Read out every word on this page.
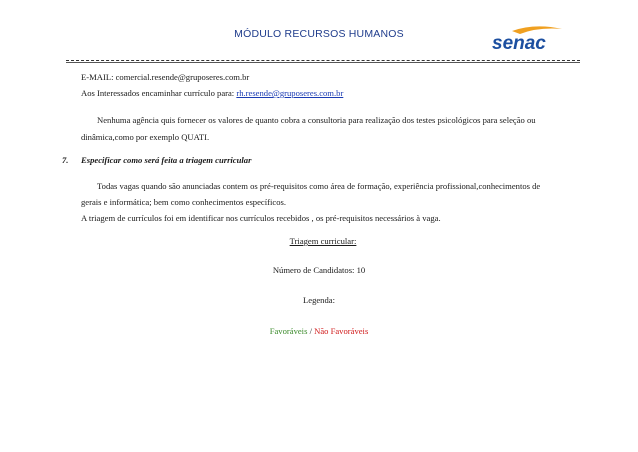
MÓDULO RECURSOS HUMANOS	senac
E-MAIL: comercial.resende@gruposeres.com.br
Aos Interessados encaminhar currículo para: rh.resende@gruposeres.com.br
Nenhuma agência quis fornecer os valores de quanto cobra a consultoria para realização dos testes psicológicos para seleção ou
dinâmica,como por exemplo QUATI.
7. Especificar como será feita a triagem curricular
Todas vagas quando são anunciadas contem os pré-requisitos como área de formação, experiência profissional,conhecimentos de
gerais e informática; bem como conhecimentos específicos.
A triagem de currículos foi em identificar nos currículos recebidos , os pré-requisitos necessários à vaga.
Triagem curricular:
Número de Candidatos: 10
Legenda:
Favoráveis / Não Favoráveis
